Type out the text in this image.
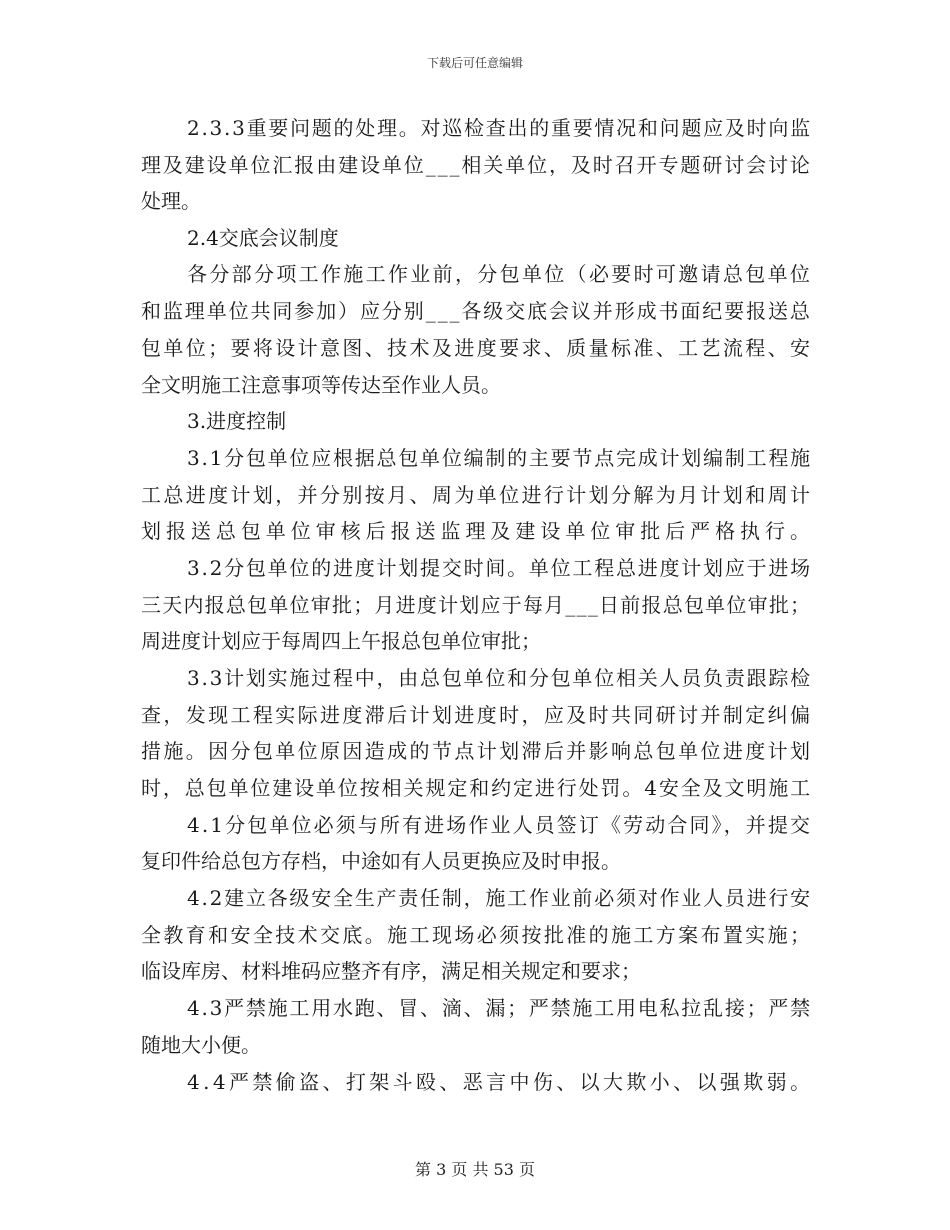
下载后可任意编辑
2.3.3重要问题的处理。对巡检查出的重要情况和问题应及时向监
理及建设单位汇报由建设单位___相关单位，及时召开专题研讨会讨论
处理。
2.4交底会议制度
各分部分项工作施工作业前，分包单位（必要时可邀请总包单位
和监理单位共同参加）应分别___各级交底会议并形成书面纪要报送总
包单位；要将设计意图、技术及进度要求、质量标准、工艺流程、安
全文明施工注意事项等传达至作业人员。
3.进度控制
3.1分包单位应根据总包单位编制的主要节点完成计划编制工程施
工总进度计划，并分别按月、周为单位进行计划分解为月计划和周计
划报送总包单位审核后报送监理及建设单位审批后严格执行。
3.2分包单位的进度计划提交时间。单位工程总进度计划应于进场
三天内报总包单位审批；月进度计划应于每月___日前报总包单位审批；
周进度计划应于每周四上午报总包单位审批；
3.3计划实施过程中，由总包单位和分包单位相关人员负责跟踪检
查，发现工程实际进度滞后计划进度时，应及时共同研讨并制定纠偏
措施。因分包单位原因造成的节点计划滞后并影响总包单位进度计划
时，总包单位建设单位按相关规定和约定进行处罚。4安全及文明施工
4.1分包单位必须与所有进场作业人员签订《劳动合同》，并提交
复印件给总包方存档，中途如有人员更换应及时申报。
4.2建立各级安全生产责任制，施工作业前必须对作业人员进行安
全教育和安全技术交底。施工现场必须按批准的施工方案布置实施；
临设库房、材料堆码应整齐有序，满足相关规定和要求；
4.3严禁施工用水跑、冒、滴、漏；严禁施工用电私拉乱接；严禁
随地大小便。
4.4严禁偷盗、打架斗殴、恶言中伤、以大欺小、以强欺弱。
第 3 页 共 53 页
